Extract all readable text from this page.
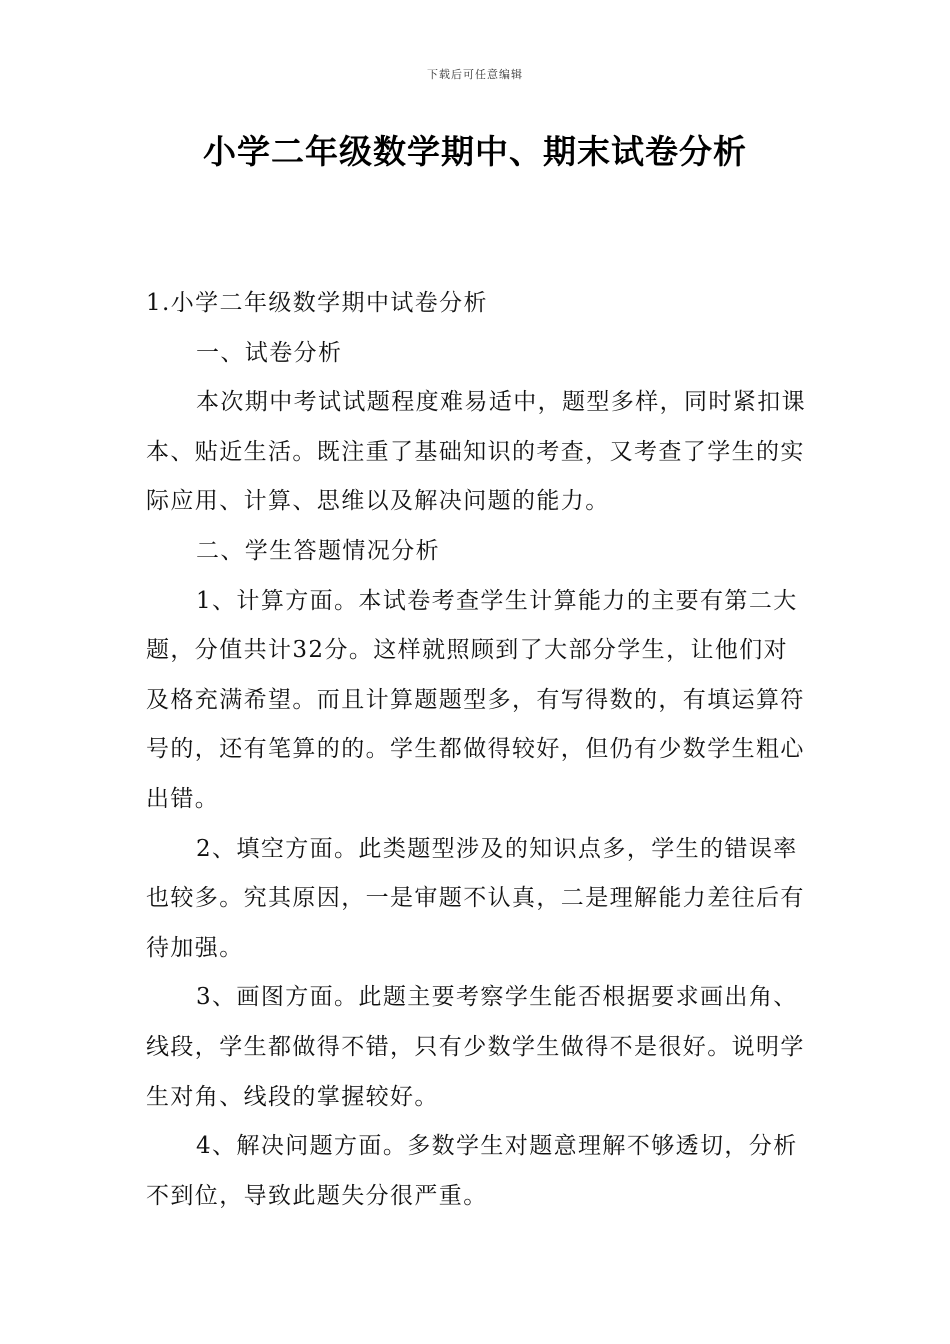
下载后可任意编辑
小学二年级数学期中、期末试卷分析

1.小学二年级数学期中试卷分析

一、试卷分析

本次期中考试试题程度难易适中，题型多样，同时紧扣课本、贴近生活。既注重了基础知识的考查，又考查了学生的实际应用、计算、思维以及解决问题的能力。

二、学生答题情况分析

1、计算方面。本试卷考查学生计算能力的主要有第二大题，分值共计32分。这样就照顾到了大部分学生，让他们对及格充满希望。而且计算题题型多，有写得数的，有填运算符号的，还有笔算的的。学生都做得较好，但仍有少数学生粗心出错。

2、填空方面。此类题型涉及的知识点多，学生的错误率也较多。究其原因，一是审题不认真，二是理解能力差往后有待加强。

3、画图方面。此题主要考察学生能否根据要求画出角、线段，学生都做得不错，只有少数学生做得不是很好。说明学生对角、线段的掌握较好。

4、解决问题方面。多数学生对题意理解不够透切，分析不到位，导致此题失分很严重。
